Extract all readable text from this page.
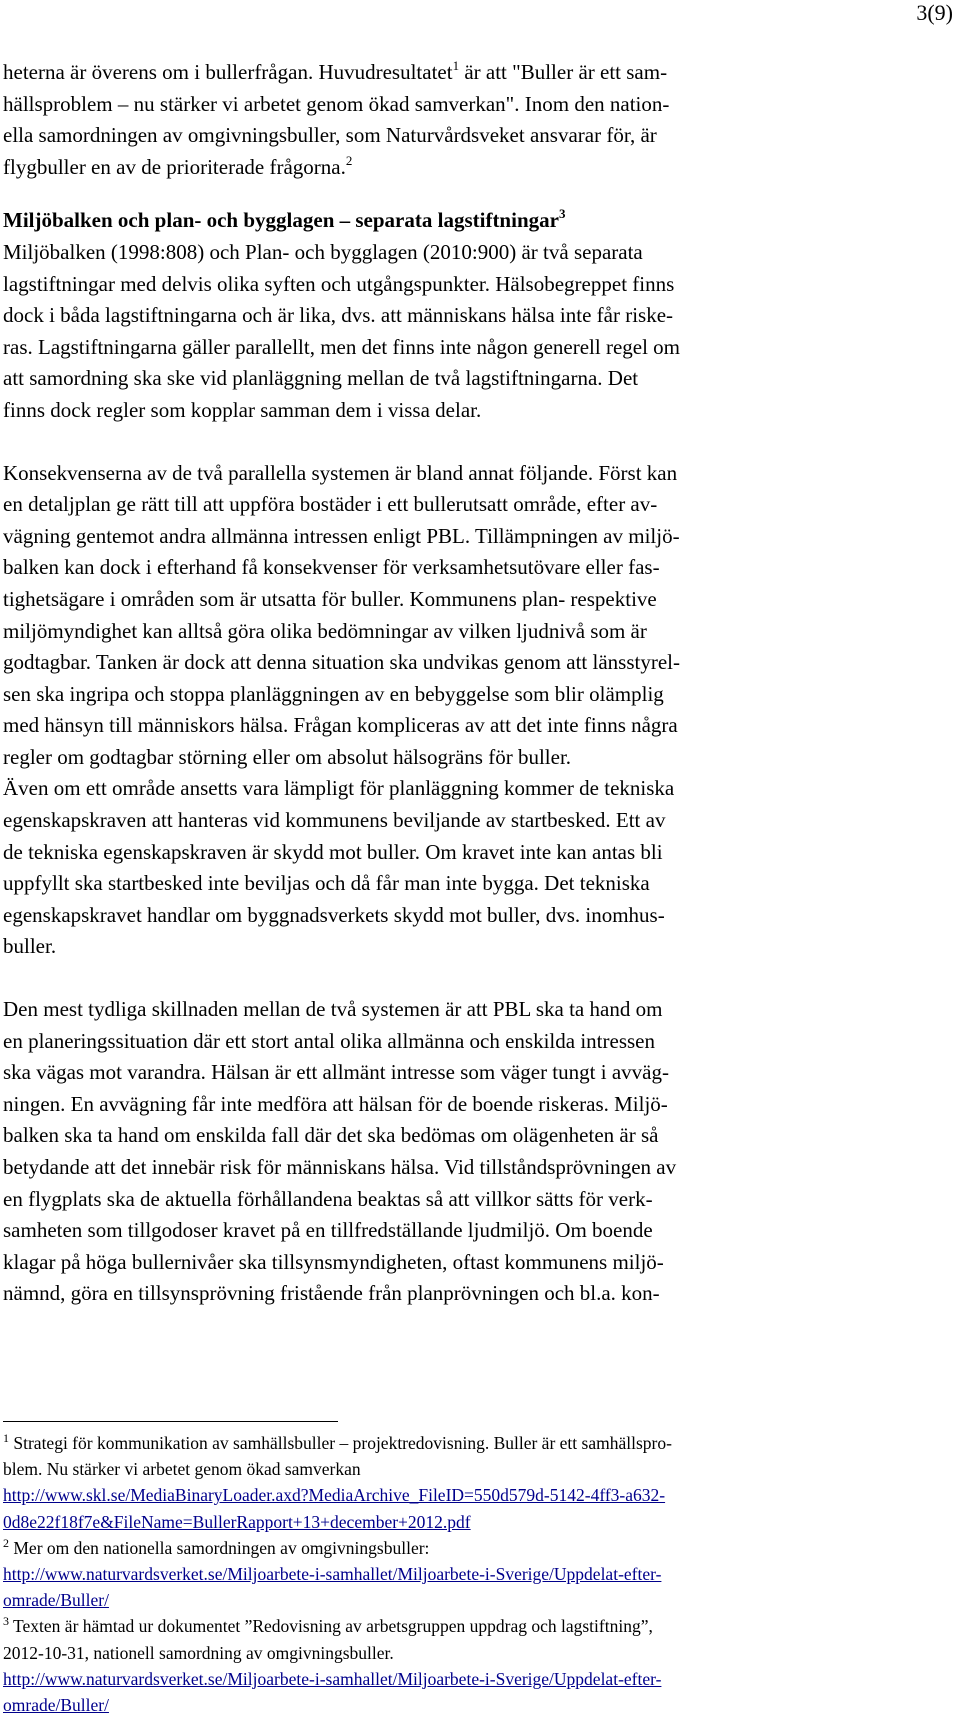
3(9)
heterna är överens om i bullerfrågan. Huvudresultatet$^1$ är att "Buller är ett sam-
hällsproblem – nu stärker vi arbetet genom ökad samverkan". Inom den nation-
ella samordningen av omgivningsbuller, som Naturvårdsveket ansvarar för, är
flygbuller en av de prioriterade frågorna.$^2$
Miljöbalken och plan- och bygglagen – separata lagstiftningar$^3$
Miljöbalken (1998:808) och Plan- och bygglagen (2010:900) är två separata
lagstiftningar med delvis olika syften och utgångspunkter. Hälsobegreppet finns
dock i båda lagstiftningarna och är lika, dvs. att människans hälsa inte får riske-
ras. Lagstiftningarna gäller parallellt, men det finns inte någon generell regel om
att samordning ska ske vid planläggning mellan de två lagstiftningarna. Det
finns dock regler som kopplar samman dem i vissa delar.
Konsekvenserna av de två parallella systemen är bland annat följande. Först kan
en detaljplan ge rätt till att uppföra bostäder i ett bullerutsatt område, efter av-
vägning gentemot andra allmänna intressen enligt PBL. Tillämpningen av miljö-
balken kan dock i efterhand få konsekvenser för verksamhetsutövare eller fas-
tighetsägare i områden som är utsatta för buller. Kommunens plan- respektive
miljömyndighet kan alltså göra olika bedömningar av vilken ljudnivå som är
godtagbar. Tanken är dock att denna situation ska undvikas genom att länsstyrel-
sen ska ingripa och stoppa planläggningen av en bebyggelse som blir olämplig
med hänsyn till människors hälsa. Frågan kompliceras av att det inte finns några
regler om godtagbar störning eller om absolut hälsogräns för buller.
Även om ett område ansetts vara lämpligt för planläggning kommer de tekniska
egenskapskraven att hanteras vid kommunens beviljande av startbesked. Ett av
de tekniska egenskapskraven är skydd mot buller. Om kravet inte kan antas bli
uppfyllt ska startbesked inte beviljas och då får man inte bygga. Det tekniska
egenskapskravet handlar om byggnadsverkets skydd mot buller, dvs. inomhus-
buller.
Den mest tydliga skillnaden mellan de två systemen är att PBL ska ta hand om
en planeringssituation där ett stort antal olika allmänna och enskilda intressen
ska vägas mot varandra. Hälsan är ett allmänt intresse som väger tungt i avväg-
ningen. En avvägning får inte medföra att hälsan för de boende riskeras. Miljö-
balken ska ta hand om enskilda fall där det ska bedömas om olägenheten är så
betydande att det innebär risk för människans hälsa. Vid tillståndsprövningen av
en flygplats ska de aktuella förhållandena beaktas så att villkor sätts för verk-
samheten som tillgodoser kravet på en tillfredställande ljudmiljö. Om boende
klagar på höga bullernivåer ska tillsynsmyndigheten, oftast kommunens miljö-
nämnd, göra en tillsynsprövning fristående från planprövningen och bl.a. kon-
$^1$ Strategi för kommunikation av samhällsbuller – projektredovisning. Buller är ett samhällspro-
blem. Nu stärker vi arbetet genom ökad samverkan
http://www.skl.se/MediaBinaryLoader.axd?MediaArchive_FileID=550d579d-5142-4ff3-a632-
0d8e22f18f7e&FileName=BullerRapport+13+december+2012.pdf
$^2$ Mer om den nationella samordningen av omgivningsbuller:
http://www.naturvardsverket.se/Miljoarbete-i-samhallet/Miljoarbete-i-Sverige/Uppdelat-efter-
omrade/Buller/
$^3$ Texten är hämtad ur dokumentet ”Redovisning av arbetsgruppen uppdrag och lagstiftning”,
2012-10-31, nationell samordning av omgivningsbuller.
http://www.naturvardsverket.se/Miljoarbete-i-samhallet/Miljoarbete-i-Sverige/Uppdelat-efter-
omrade/Buller/
